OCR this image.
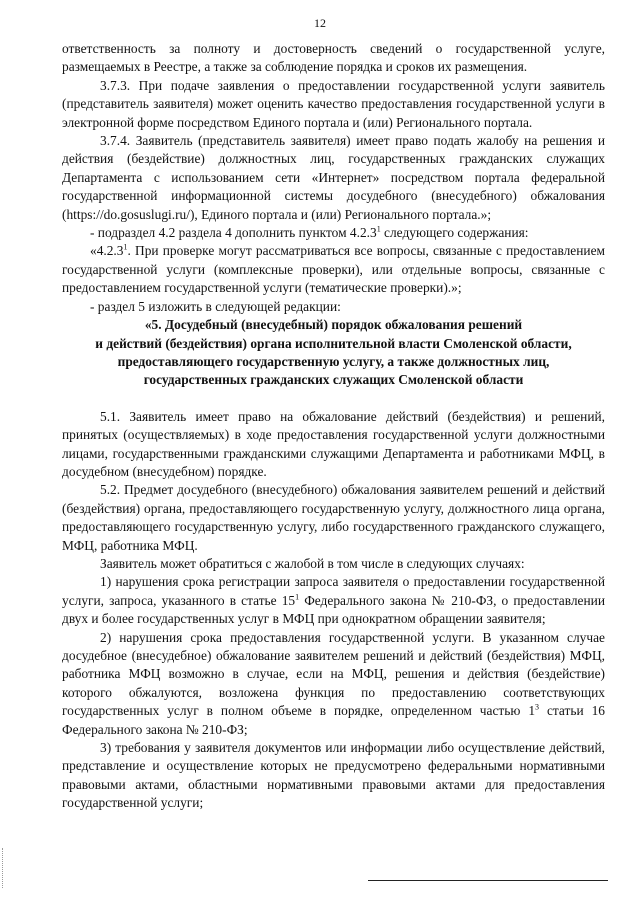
12

ответственность за полноту и достоверность сведений о государственной услуге, размещаемых в Реестре, а также за соблюдение порядка и сроков их размещения.

3.7.3. При подаче заявления о предоставлении государственной услуги заявитель (представитель заявителя) может оценить качество предоставления государственной услуги в электронной форме посредством Единого портала и (или) Регионального портала.

3.7.4. Заявитель (представитель заявителя) имеет право подать жалобу на решения и действия (бездействие) должностных лиц, государственных гражданских служащих Департамента с использованием сети «Интернет» посредством портала федеральной государственной информационной системы досудебного (внесудебного) обжалования (https://do.gosuslugi.ru/), Единого портала и (или) Регионального портала.»;

- подраздел 4.2 раздела 4 дополнить пунктом 4.2.3$^1$ следующего содержания:

«4.2.3$^1$. При проверке могут рассматриваться все вопросы, связанные с предоставлением государственной услуги (комплексные проверки), или отдельные вопросы, связанные с предоставлением государственной услуги (тематические проверки).»;

- раздел 5 изложить в следующей редакции:

«5. Досудебный (внесудебный) порядок обжалования решений

и действий (бездействия) органа исполнительной власти Смоленской области,

предоставляющего государственную услугу, а также должностных лиц,

государственных гражданских служащих Смоленской области

5.1. Заявитель имеет право на обжалование действий (бездействия) и решений, принятых (осуществляемых) в ходе предоставления государственной услуги должностными лицами, государственными гражданскими служащими Департамента и работниками МФЦ, в досудебном (внесудебном) порядке.

5.2. Предмет досудебного (внесудебного) обжалования заявителем решений и действий (бездействия) органа, предоставляющего государственную услугу, должностного лица органа, предоставляющего государственную услугу, либо государственного гражданского служащего, МФЦ, работника МФЦ.

Заявитель может обратиться с жалобой в том числе в следующих случаях:

1) нарушения срока регистрации запроса заявителя о предоставлении государственной услуги, запроса, указанного в статье $15^1$ Федерального закона № 210-ФЗ, о предоставлении двух и более государственных услуг в МФЦ при однократном обращении заявителя;

2) нарушения срока предоставления государственной услуги. В указанном случае досудебное (внесудебное) обжалование заявителем решений и действий (бездействия) МФЦ, работника МФЦ возможно в случае, если на МФЦ, решения и действия (бездействие) которого обжалуются, возложена функция по предоставлению соответствующих государственных услуг в полном объеме в порядке, определенном частью $1^3$ статьи 16 Федерального закона № 210-ФЗ;

3) требования у заявителя документов или информации либо осуществление действий, представление и осуществление которых не предусмотрено федеральными нормативными правовыми актами, областными нормативными правовыми актами для предоставления государственной услуги;
